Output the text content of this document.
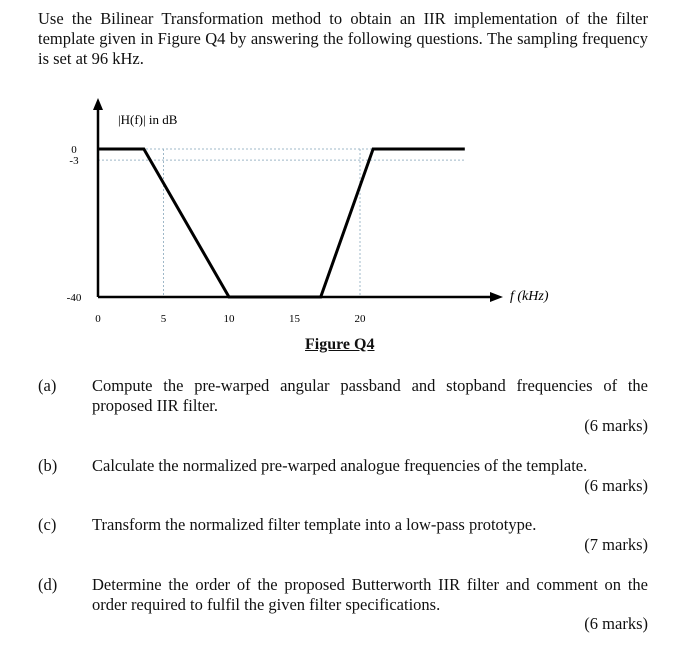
Use the Bilinear Transformation method to obtain an IIR implementation of the filter template given in Figure Q4 by answering the following questions. The sampling frequency is set at 96 kHz.
|H(f)| in dB
f (kHz)
0
-3
-40
0	5	10	15	20
Figure Q4
(a) Compute the pre-warped angular passband and stopband frequencies of the proposed IIR filter.
(6 marks)
(b) Calculate the normalized pre-warped analogue frequencies of the template.
(6 marks)
(c) Transform the normalized filter template into a low-pass prototype.
(7 marks)
(d) Determine the order of the proposed Butterworth IIR filter and comment on the order required to fulfil the given filter specifications.
(6 marks)
